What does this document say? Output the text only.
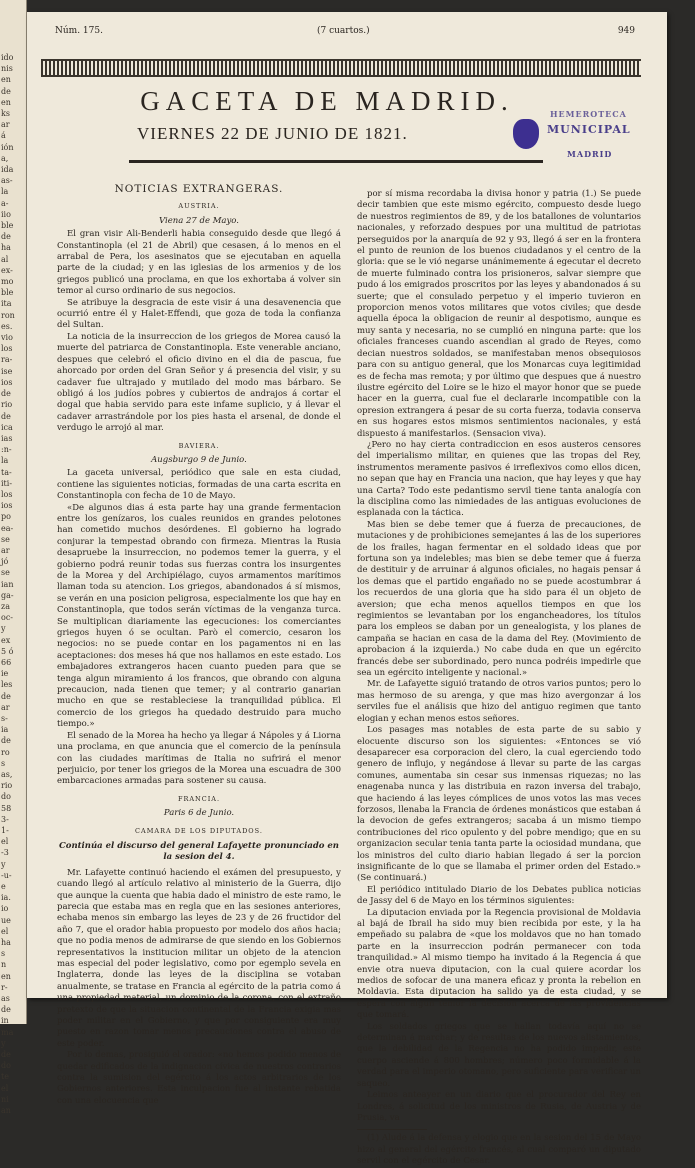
ido
nis
en
de
en
ks
ar
á
ión
a,
ida
as-
la
a-
iio
ble
de
ha
al
ex-
mo
ble
ita
ron
es.
vio
los
ra-
ise
ios
de
rio
de
ica
ias
:n-
la
ta-
iti-
los
ios
po
ea-
se
ar
jó
se
ian
ga-
za
oc-
y
ex
5 ó
66
ie
les
de
ar
s-
ia
de
ro
s
as,
rio
do
58
3-
1-
el
-3
y
-u-
e
ia.
io
ue
el
ha
s
n
en
r-
as
de
in
ma
y
de
do
te
el
ni
an
Núm. 175.	(7 cuartos.)	949
GACETA DE MADRID.
VIERNES 22 DE JUNIO DE 1821.
HEMEROTECA
MUNICIPAL
MADRID
NOTICIAS EXTRANGERAS.
AUSTRIA.
Viena 27 de Mayo.

El gran visir Ali-Benderli habia conseguido desde que llegó á Constantinopla (el 21 de Abril) que cesasen, á lo menos en el arrabal de Pera, los asesinatos que se ejecutaban en aquella parte de la ciudad; y en las iglesias de los armenios y de los griegos publicó una proclama, en que los exhortaba á volver sin temor al curso ordinario de sus negocios.

Se atribuye la desgracia de este visir á una desavenencia que ocurrió entre él y Halet-Effendi, que goza de toda la confianza del Sultan.

La noticia de la insurreccion de los griegos de Morea causó la muerte del patriarca de Constantinopla. Este venerable anciano, despues que celebró el oficio divino en el dia de pascua, fue ahorcado por orden del Gran Señor y á presencia del visir, y su cadaver fue ultrajado y mutilado del modo mas bárbaro. Se obligó á los judíos pobres y cubiertos de andrajos á cortar el dogal que habia servido para este infame suplicio, y á llevar el cadaver arrastrándole por los pies hasta el arsenal, de donde el verdugo le arrojó al mar.

BAVIERA.
Augsburgo 9 de Junio.

La gaceta universal, periódico que sale en esta ciudad, contiene las siguientes noticias, formadas de una carta escrita en Constantinopla con fecha de 10 de Mayo.

«De algunos dias á esta parte hay una grande fermentacion entre los genízaros, los cuales reunidos en grandes pelotones han cometido muchos desórdenes. El gobierno ha logrado conjurar la tempestad obrando con firmeza. Mientras la Rusia desapruebe la insurreccion, no podemos temer la guerra, y el gobierno podrá reunir todas sus fuerzas contra los insurgentes de la Morea y del Archipiélago, cuyos armamentos marítimos llaman toda su atencion. Los griegos, abandonados á sí mismos, se verán en una posicion peligrosa, especialmente los que hay en Constantinopla, que todos serán víctimas de la venganza turca. Se multiplican diariamente las egecuciones: los comerciantes griegos huyen ó se ocultan. Parò el comercio, cesaron los negocios: no se puede contar en los pagamentos ni en las aceptaciones: dos meses há que nos hallamos en este estado. Los embajadores extrangeros hacen cuanto pueden para que se tenga algun miramiento á los francos, que obrando con alguna precaucion, nada tienen que temer; y al contrario ganarian mucho en que se restableciese la tranquilidad pública. El comercio de los griegos ha quedado destruido para mucho tiempo.»

El senado de la Morea ha hecho ya llegar á Nápoles y á Liorna una proclama, en que anuncia que el comercio de la península con las ciudades marítimas de Italia no sufrirá el menor perjuicio, por tener los griegos de la Morea una escuadra de 300 embarcaciones armadas para sostener su causa.

FRANCIA.
Paris 6 de Junio.
CAMARA DE LOS DIPUTADOS.
Continúa el discurso del general Lafayette pronunciado en la sesion del 4.

Mr. Lafayette continuó haciendo el exámen del presupuesto, y cuando llegó al artículo relativo al ministerio de la Guerra, dijo que aunque la cuenta que habia dado el ministro de este ramo, le parecia que estaba mas en regla que en las sesiones anteriores, echaba menos sin embargo las leyes de 23 y de 26 fructidor del año 7, que el orador habia propuesto por modelo dos años hacia; que no podia menos de admirarse de que siendo en los Gobiernos representativos la institucion militar un objeto de la atencion mas especial del poder legislativo, como por egemplo sevela en Inglaterra, donde las leyes de la disciplina se votaban anualmente, se tratase en Francia al egército de la patria como á una propiedad material, un dominio de la corona, con el extraño pretexto de que la situacion continental de la Francia exigia mas poder militar en el Gobierno, y que por consiguiente era muy puesto en razon tomar menos precauciones contra el abuso de este poder.

Por lo demas, prosiguió el orador: «no hemos podido menos de quedar edificados de la indignacion cívica de nuestros contrarios contra la sumision del egército á los actos arbitrarios de los Gobiernos anteriores. Esta inculpacion fue al instante rebatida con una elocuencia que

por sí misma recordaba la divisa honor y patria (1.) Se puede decir tambien que este mismo egército, compuesto desde luego de nuestros regimientos de 89, y de los batallones de voluntarios nacionales, y reforzado despues por una multitud de patriotas perseguidos por la anarquía de 92 y 93, llegó á ser en la frontera el punto de reunion de los buenos ciudadanos y el centro de la gloria: que se le vió negarse unánimemente á egecutar el decreto de muerte fulminado contra los prisioneros, salvar siempre que pudo á los emigrados proscritos por las leyes y abandonados á su suerte; que el consulado perpetuo y el imperio tuvieron en proporcion menos votos militares que votos civiles; que desde aquella época la obligacion de reunir al despotismo, aunque es muy santa y necesaria, no se cumplió en ninguna parte: que los oficiales franceses cuando ascendian al grado de Reyes, como decian nuestros soldados, se manifestaban menos obsequiosos para con su antiguo general, que los Monarcas cuya legitimidad es de fecha mas remota; y por último que despues que á nuestro ilustre egército del Loire se le hizo el mayor honor que se puede hacer en la guerra, cual fue el declararle incompatible con la opresion extrangera á pesar de su corta fuerza, todavia conserva en sus hogares estos mismos sentimientos nacionales, y está dispuesto á manifestarlos. (Sensacion viva).

¿Pero no hay cierta contradiccion en esos austeros censores del imperialismo militar, en quienes que las tropas del Rey, instrumentos meramente pasivos é irreflexivos como ellos dicen, no sepan que hay en Francia una nacion, que hay leyes y que hay una Carta? Todo este pedantismo servil tiene tanta analogía con la disciplina como las nimiedades de las antiguas evoluciones de esplanada con la táctica.

Mas bien se debe temer que á fuerza de precauciones, de mutaciones y de prohibiciones semejantes á las de los superiores de los frailes, hagan fermentar en el soldado ideas que por fortuna son ya indelebles; mas bien se debe temer que á fuerza de destituir y de arruinar á algunos oficiales, no hagais pensar á los demas que el partido engañado no se puede acostumbrar á los recuerdos de una gloria que ha sido para él un objeto de aversion; que echa menos aquellos tiempos en que los regimientos se levantaban por los engancheadores, los títulos para los empleos se daban por un genealogista, y los planes de campaña se hacian en casa de la dama del Rey. (Movimiento de aprobacion á la izquierda.) No cabe duda en que un egército francés debe ser subordinado, pero nunca podréis impedirle que sea un egército inteligente y nacional.»

Mr. de Lafayette siguió tratando de otros varios puntos; pero lo mas hermoso de su arenga, y que mas hizo avergonzar á los serviles fue el análisis que hizo del antiguo regimen que tanto elogian y echan menos estos señores.

Los pasages mas notables de esta parte de su sabio y elocuente discurso son los siguientes: «Entonces se vió desaparecer esa corporacion del clero, la cual egerciendo todo genero de influjo, y negándose á llevar su parte de las cargas comunes, aumentaba sin cesar sus inmensas riquezas; no las enagenaba nunca y las distribuia en razon inversa del trabajo, que haciendo á las leyes cómplices de unos votos las mas veces forzosos, llenaba la Francia de órdenes monásticos que estaban á la devocion de gefes extrangeros; sacaba á un mismo tiempo contribuciones del rico opulento y del pobre mendigo; que en su organizacion secular tenia tanta parte la ociosidad mundana, que los ministros del culto diario habian llegado á ser la porcion insignificante de lo que se llamaba el primer orden del Estado.» (Se continuará.)

El periódico intitulado Diario de los Debates publica noticias de Jassy del 6 de Mayo en los términos siguientes:

La diputacion enviada por la Regencia provisional de Moldavia al bajá de Ibrail ha sido muy bien recibida por este, y la ha empeñado su palabra de «que los moldavos que no han tomado parte en la insurreccion podrán permanecer con toda tranquilidad.» Al mismo tiempo ha invitado á la Regencia á que envie otra nueva diputacion, con la cual quiere acordar los medios de sofocar de una manera eficaz y pronta la rebelion en Moldavia. Esta diputacion ha salido ya de esta ciudad, y se espera con algun temor la decision acerca de las providencias que tomará.

Los soldados griegos que se hallan todavía aquí no se determinan á marchar; y de resultas de los nuevos alistamientos, que la debilidad de la Regencia no ha podido impedir, este cuerpo asciende á 800 hombres; número poco formidable á la verdad para el imperio otomano, pero suficiente para verificar un saqueo.

Leimos anteayer en un diario que el procurador del Rey en Londres, á solicitud de los ministros de Rusia, de Austria y de Prusia, va

(1) Alude á la defensa y elogio que en la sesion del 15 de Mayo hizo al general del egército francés, al cual comparó un diputado servil con el egército de Cesar.
